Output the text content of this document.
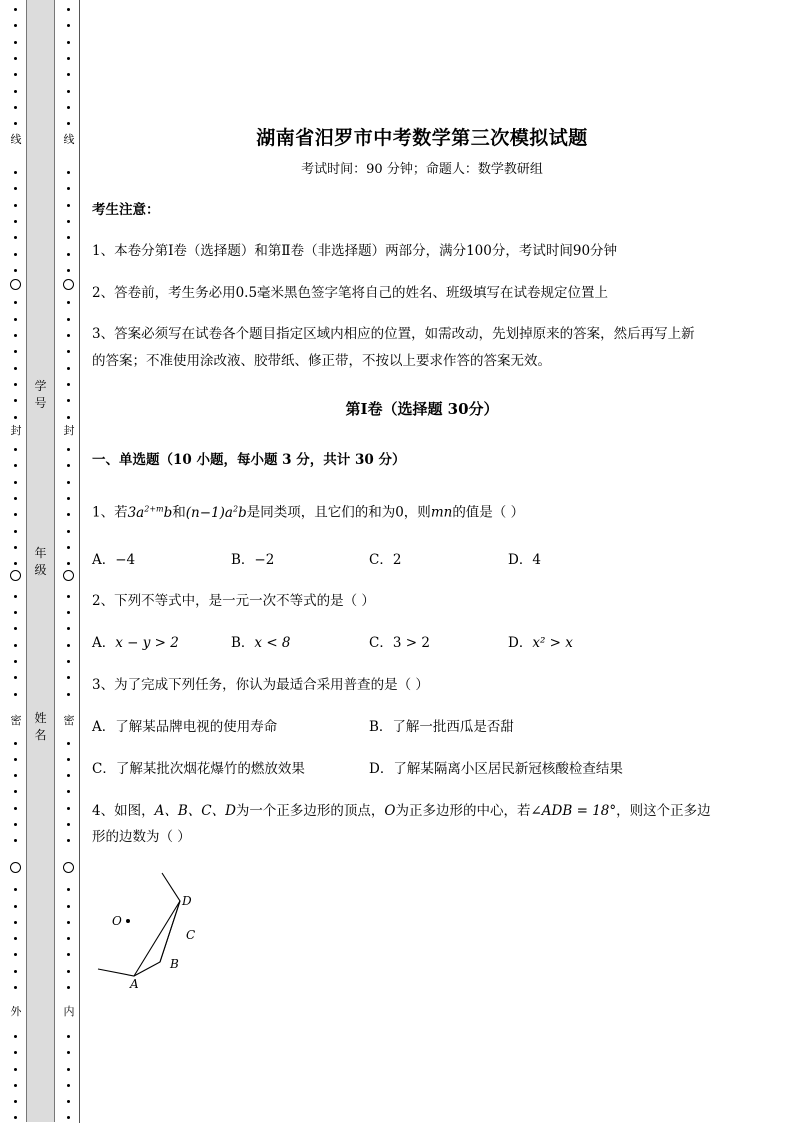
线
封
密
外
学
号
年
级
姓
名
线
封
密
内
湖南省汨罗市中考数学第三次模拟试题
考试时间：90 分钟；命题人：数学教研组
考生注意：
1、本卷分第Ⅰ卷（选择题）和第Ⅱ卷（非选择题）两部分，满分100分，考试时间90分钟
2、答卷前，考生务必用0.5毫米黑色签字笔将自己的姓名、班级填写在试卷规定位置上
3、答案必须写在试卷各个题目指定区域内相应的位置，如需改动，先划掉原来的答案，然后再写上新
的答案；不准使用涂改液、胶带纸、修正带，不按以上要求作答的答案无效。
第Ⅰ卷（选择题 30分）
一、单选题（10 小题，每小题 3 分，共计 30 分）
1、若$3a^{2+m}b$和$(n-1)a^2b$是同类项，且它们的和为0，则mn的值是（ ）
A．−4	B．−2	C．2	D．4
2、下列不等式中，是一元一次不等式的是（ ）
A．x − y > 2	B．x < 8	C．3 > 2	D．x² > x
3、为了完成下列任务，你认为最适合采用普查的是（ ）
A．了解某品牌电视的使用寿命	B．了解一批西瓜是否甜
C．了解某批次烟花爆竹的燃放效果	D．了解某隔离小区居民新冠核酸检查结果
4、如图，A、B、C、D为一个正多边形的顶点，O为正多边形的中心，若∠ADB = 18°，则这个正多边
形的边数为（ ）
O
A
B
C
D
